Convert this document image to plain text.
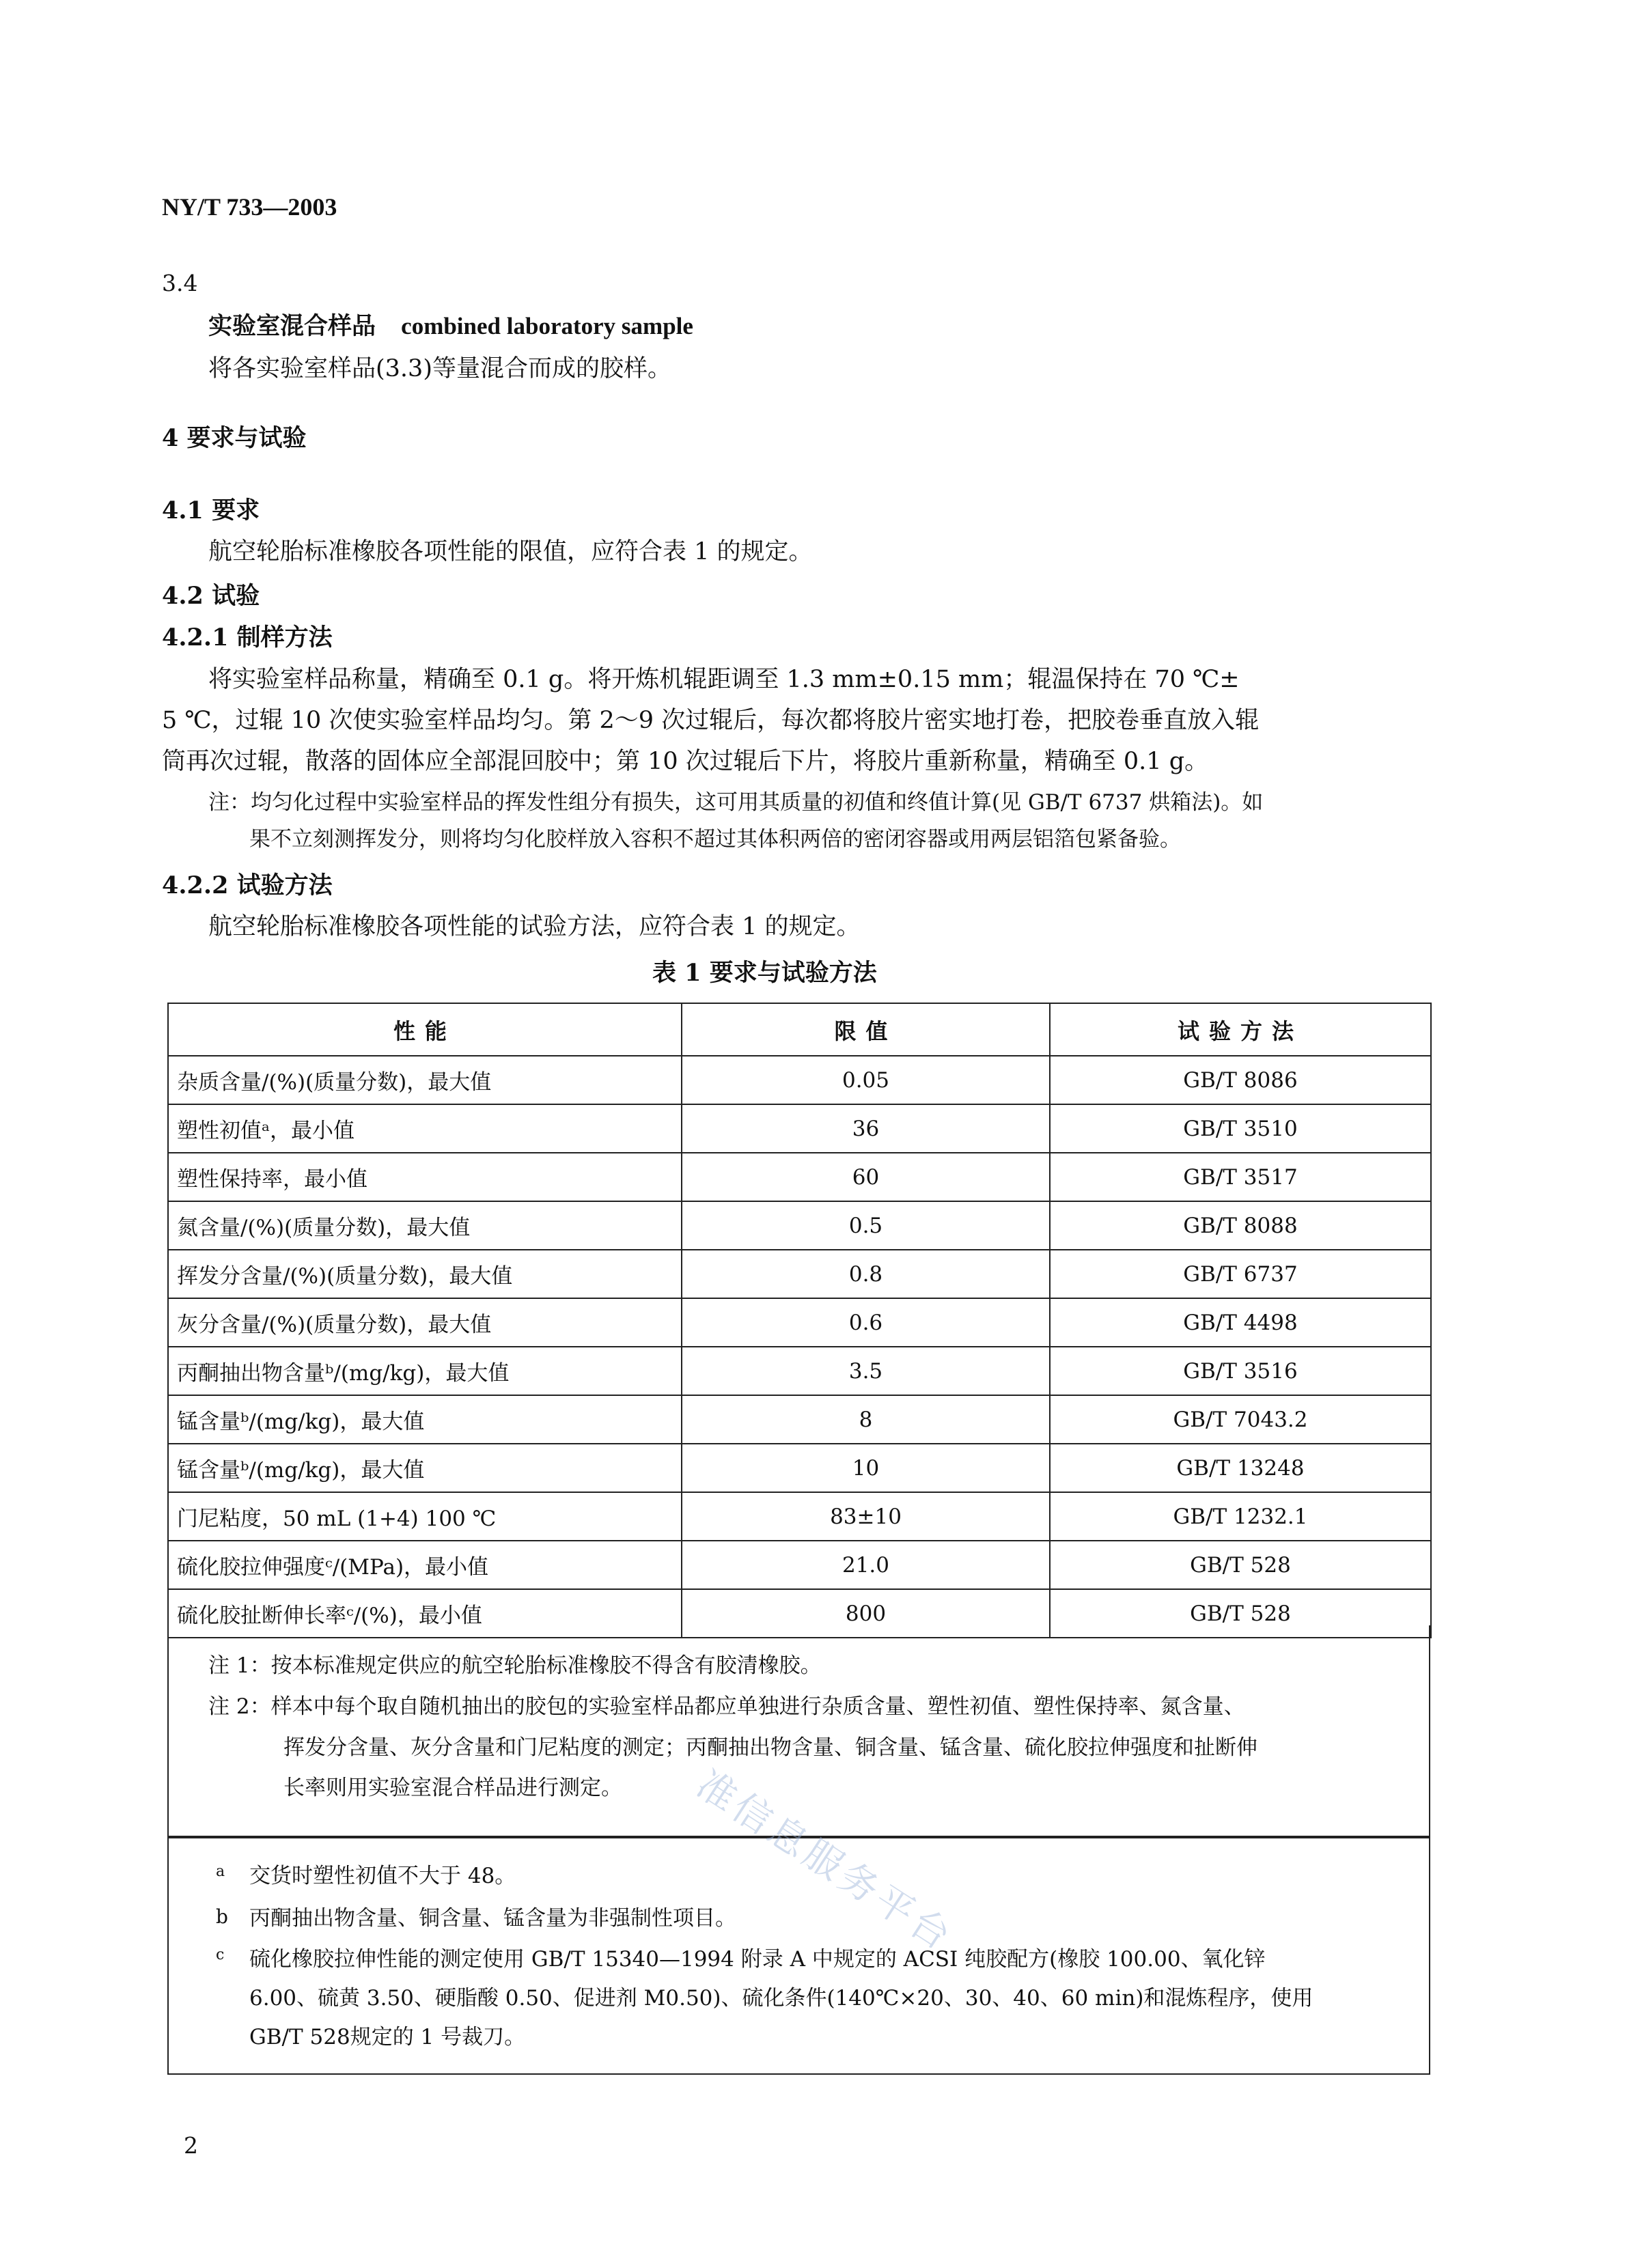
NY/T 733—2003
3.4
实验室混合样品 combined laboratory sample
将各实验室样品(3.3)等量混合而成的胶样。
4 要求与试验
4.1 要求
航空轮胎标准橡胶各项性能的限值，应符合表 1 的规定。
4.2 试验
4.2.1 制样方法
将实验室样品称量，精确至 0.1 g。将开炼机辊距调至 1.3 mm±0.15 mm；辊温保持在 70 ℃±
5 ℃，过辊 10 次使实验室样品均匀。第 2～9 次过辊后，每次都将胶片密实地打卷，把胶卷垂直放入辊
筒再次过辊，散落的固体应全部混回胶中；第 10 次过辊后下片，将胶片重新称量，精确至 0.1 g。
注：均匀化过程中实验室样品的挥发性组分有损失，这可用其质量的初值和终值计算(见 GB/T 6737 烘箱法)。如
果不立刻测挥发分，则将均匀化胶样放入容积不超过其体积两倍的密闭容器或用两层铝箔包紧备验。
4.2.2 试验方法
航空轮胎标准橡胶各项性能的试验方法，应符合表 1 的规定。
表 1 要求与试验方法
性能	限值	试验方法
杂质含量/(%)(质量分数)，最大值	0.05	GB/T 8086
塑性初值ᵃ，最小值	36	GB/T 3510
塑性保持率，最小值	60	GB/T 3517
氮含量/(%)(质量分数)，最大值	0.5	GB/T 8088
挥发分含量/(%)(质量分数)，最大值	0.8	GB/T 6737
灰分含量/(%)(质量分数)，最大值	0.6	GB/T 4498
丙酮抽出物含量ᵇ/(mg/kg)，最大值	3.5	GB/T 3516
锰含量ᵇ/(mg/kg)，最大值	8	GB/T 7043.2
锰含量ᵇ/(mg/kg)，最大值	10	GB/T 13248
门尼粘度，50 mL (1+4) 100 ℃	83±10	GB/T 1232.1
硫化胶拉伸强度ᶜ/(MPa)，最小值	21.0	GB/T 528
硫化胶扯断伸长率ᶜ/(%)，最小值	800	GB/T 528
注 1：按本标准规定供应的航空轮胎标准橡胶不得含有胶清橡胶。
注 2：样本中每个取自随机抽出的胶包的实验室样品都应单独进行杂质含量、塑性初值、塑性保持率、氮含量、
挥发分含量、灰分含量和门尼粘度的测定；丙酮抽出物含量、铜含量、锰含量、硫化胶拉伸强度和扯断伸
长率则用实验室混合样品进行测定。
a 交货时塑性初值不大于 48。
b 丙酮抽出物含量、铜含量、锰含量为非强制性项目。
c 硫化橡胶拉伸性能的测定使用 GB/T 15340—1994 附录 A 中规定的 ACSI 纯胶配方(橡胶 100.00、氧化锌
6.00、硫黄 3.50、硬脂酸 0.50、促进剂 M0.50)、硫化条件(140℃×20、30、40、60 min)和混炼程序，使用
GB/T 528规定的 1 号裁刀。
准信息服务平台
2
